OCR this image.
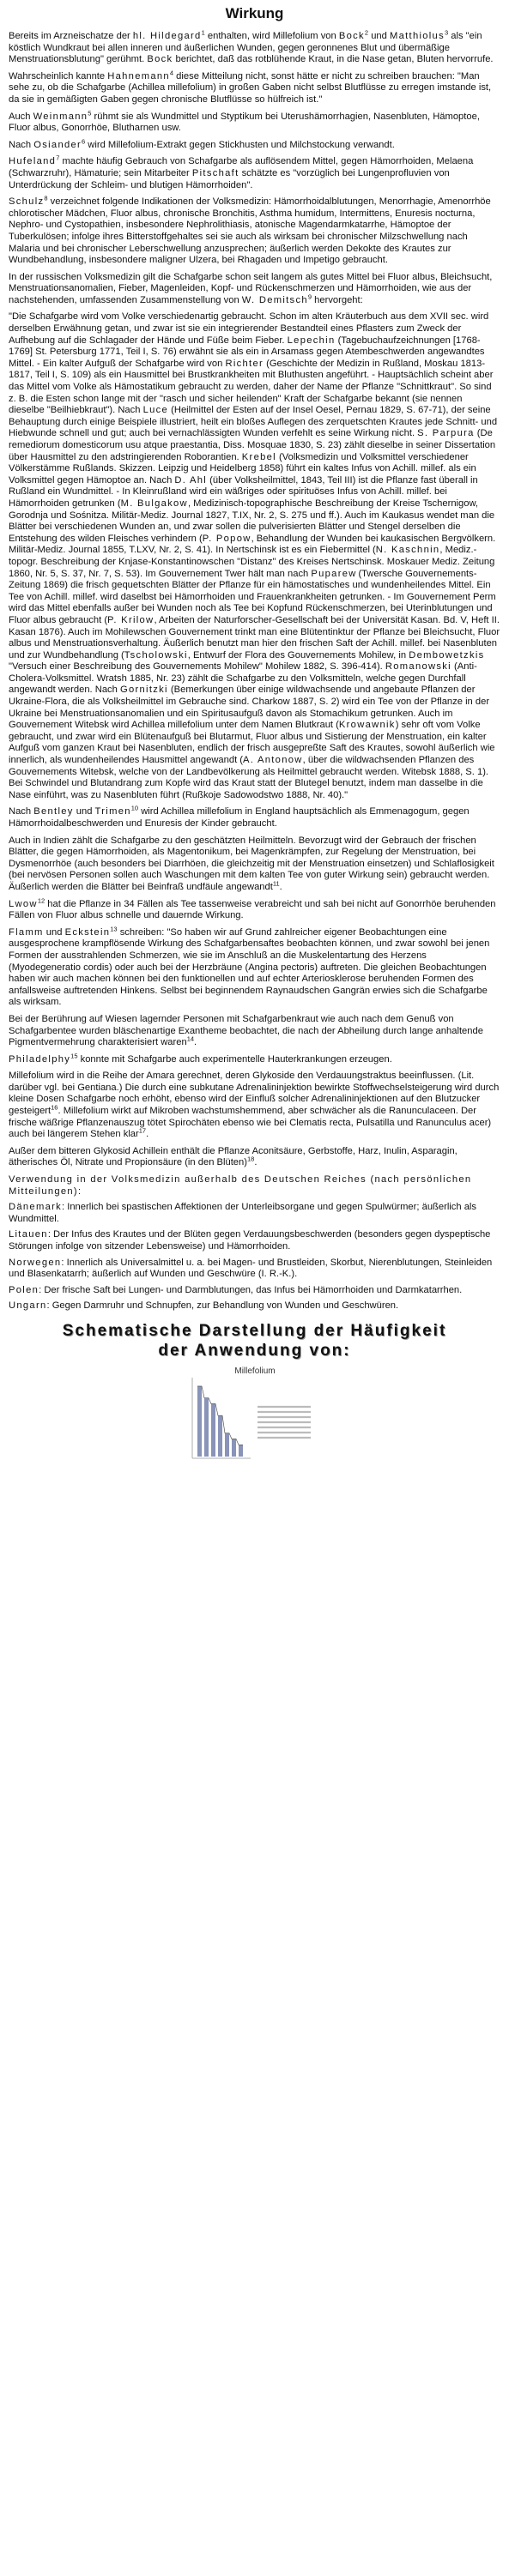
Wirkung

Bereits im Arzneischatze der hl. Hildegard$^1$ enthalten, wird Millefolium von Bock$^2$ und Matthiolus$^3$ als "ein köstlich Wundkraut bei allen inneren und äußerlichen Wunden, gegen geronnenes Blut und übermäßige Menstruationsblutung" gerühmt. Bock berichtet, daß das rotblühende Kraut, in die Nase getan, Bluten hervorrufe.

Wahrscheinlich kannte Hahnemann$^4$ diese Mitteilung nicht, sonst hätte er nicht zu schreiben brauchen: "Man sehe zu, ob die Schafgarbe (Achillea millefolium) in großen Gaben nicht selbst Blutflüsse zu erregen imstande ist, da sie in gemäßigten Gaben gegen chronische Blutflüsse so hülfreich ist."

Auch Weinmann$^5$ rühmt sie als Wundmittel und Styptikum bei Uterushämorrhagien, Nasenbluten, Hämoptoe, Fluor albus, Gonorrhöe, Blutharnen usw.

Nach Osiander$^6$ wird Millefolium-Extrakt gegen Stickhusten und Milchstockung verwandt.

Hufeland$^7$ machte häufig Gebrauch von Schafgarbe als auflösendem Mittel, gegen Hämorrhoiden, Melaena (Schwarzruhr), Hämaturie; sein Mitarbeiter Pitschaft schätzte es "vorzüglich bei Lungenprofluvien von Unterdrückung der Schleim- und blutigen Hämorrhoiden".

Schulz$^8$ verzeichnet folgende Indikationen der Volksmedizin: Hämorrhoidalblutungen, Menorrhagie, Amenorrhöe chlorotischer Mädchen, Fluor albus, chronische Bronchitis, Asthma humidum, Intermittens, Enuresis nocturna, Nephro- und Cystopathien, insbesondere Nephrolithiasis, atonische Magendarmkatarrhe, Hämoptoe der Tuberkulösen; infolge ihres Bitterstoffgehaltes sei sie auch als wirksam bei chronischer Milzschwellung nach Malaria und bei chronischer Leberschwellung anzusprechen; äußerlich werden Dekokte des Krautes zur Wundbehandlung, insbesondere maligner Ulzera, bei Rhagaden und Impetigo gebraucht.

In der russischen Volksmedizin gilt die Schafgarbe schon seit langem als gutes Mittel bei Fluor albus, Bleichsucht, Menstruationsanomalien, Fieber, Magenleiden, Kopf- und Rückenschmerzen und Hämorrhoiden, wie aus der nachstehenden, umfassenden Zusammenstellung von W. Demitsch$^9$ hervorgeht:

"Die Schafgarbe wird vom Volke verschiedenartig gebraucht. Schon im alten Kräuterbuch aus dem XVII sec. wird derselben Erwähnung getan, und zwar ist sie ein integrierender Bestandteil eines Pflasters zum Zweck der Aufhebung auf die Schlagader der Hände und Füße beim Fieber. Lepechin (Tagebuchaufzeichnungen [1768-1769] St. Petersburg 1771, Teil I, S. 76) erwähnt sie als ein in Arsamass gegen Atembeschwerden angewandtes Mittel. - Ein kalter Aufguß der Schafgarbe wird von Richter (Geschichte der Medizin in Rußland, Moskau 1813-1817, Teil I, S. 109) als ein Hausmittel bei Brustkrankheiten mit Bluthusten angeführt. - Hauptsächlich scheint aber das Mittel vom Volke als Hämostatikum gebraucht zu werden, daher der Name der Pflanze "Schnittkraut". So sind z. B. die Esten schon lange mit der "rasch und sicher heilenden" Kraft der Schafgarbe bekannt (sie nennen dieselbe "Beilhiebkraut"). Nach Luce (Heilmittel der Esten auf der Insel Oesel, Pernau 1829, S. 67-71), der seine Behauptung durch einige Beispiele illustriert, heilt ein bloßes Auflegen des zerquetschten Krautes jede Schnitt- und Hiebwunde schnell und gut; auch bei vernachlässigten Wunden verfehlt es seine Wirkung nicht. S. Parpura (De remediorum domesticorum usu atque praestantia, Diss. Mosquae 1830, S. 23) zählt dieselbe in seiner Dissertation über Hausmittel zu den adstringierenden Roborantien. Krebel (Volksmedizin und Volksmittel verschiedener Völkerstämme Rußlands. Skizzen. Leipzig und Heidelberg 1858) führt ein kaltes Infus von Achill. millef. als ein Volksmittel gegen Hämoptoe an. Nach D. Ahl (über Volksheilmittel, 1843, Teil III) ist die Pflanze fast überall in Rußland ein Wundmittel. - In Kleinrußland wird ein wäßriges oder spirituöses Infus von Achill. millef. bei Hämorrhoiden getrunken (M. Bulgakow, Medizinisch-topographische Beschreibung der Kreise Tschernigow, Gorodnja und Sośnitza. Militär-Mediz. Journal 1827, T.IX, Nr. 2, S. 275 und ff.). Auch im Kaukasus wendet man die Blätter bei verschiedenen Wunden an, und zwar sollen die pulverisierten Blätter und Stengel derselben die Entstehung des wilden Fleisches verhindern (P. Popow, Behandlung der Wunden bei kaukasischen Bergvölkern. Militär-Mediz. Journal 1855, T.LXV, Nr. 2, S. 41). In Nertschinsk ist es ein Fiebermittel (N. Kaschnin, Mediz.-topogr. Beschreibung der Knjase-Konstantinowschen "Distanz" des Kreises Nertschinsk. Moskauer Mediz. Zeitung 1860, Nr. 5, S. 37, Nr. 7, S. 53). Im Gouvernement Twer hält man nach Puparew (Twersche Gouvernements-Zeitung 1869) die frisch gequetschten Blätter der Pflanze für ein hämostatisches und wundenheilendes Mittel. Ein Tee von Achill. millef. wird daselbst bei Hämorrhoiden und Frauenkrankheiten getrunken. - Im Gouvernement Perm wird das Mittel ebenfalls außer bei Wunden noch als Tee bei Kopfund Rückenschmerzen, bei Uterinblutungen und Fluor albus gebraucht (P. Krilow, Arbeiten der Naturforscher-Gesellschaft bei der Universität Kasan. Bd. V, Heft II. Kasan 1876). Auch im Mohilewschen Gouvernement trinkt man eine Blütentinktur der Pflanze bei Bleichsucht, Fluor albus und Menstruationsverhaltung. Äußerlich benutzt man hier den frischen Saft der Achill. millef. bei Nasenbluten und zur Wundbehandlung (Tscholowski, Entwurf der Flora des Gouvernements Mohilew, in Dembowetzkis "Versuch einer Beschreibung des Gouvernements Mohilew" Mohilew 1882, S. 396-414). Romanowski (Anti-Cholera-Volksmittel. Wratsh 1885, Nr. 23) zählt die Schafgarbe zu den Volksmitteln, welche gegen Durchfall angewandt werden. Nach Gornitzki (Bemerkungen über einige wildwachsende und angebaute Pflanzen der Ukraine-Flora, die als Volksheilmittel im Gebrauche sind. Charkow 1887, S. 2) wird ein Tee von der Pflanze in der Ukraine bei Menstruationsanomalien und ein Spiritusaufguß davon als Stomachikum getrunken. Auch im Gouvernement Witebsk wird Achillea millefolium unter dem Namen Blutkraut (Krowawnik) sehr oft vom Volke gebraucht, und zwar wird ein Blütenaufguß bei Blutarmut, Fluor albus und Sistierung der Menstruation, ein kalter Aufguß vom ganzen Kraut bei Nasenbluten, endlich der frisch ausgepreßte Saft des Krautes, sowohl äußerlich wie innerlich, als wundenheilendes Hausmittel angewandt (A. Antonow, über die wildwachsenden Pflanzen des Gouvernements Witebsk, welche von der Landbevölkerung als Heilmittel gebraucht werden. Witebsk 1888, S. 1). Bei Schwindel und Blutandrang zum Kopfe wird das Kraut statt der Blutegel benutzt, indem man dasselbe in die Nase einführt, was zu Nasenbluten führt (Rußkoje Sadowodstwo 1888, Nr. 40)."

Nach Bentley und Trimen$^{10}$ wird Achillea millefolium in England hauptsächlich als Emmenagogum, gegen Hämorrhoidalbeschwerden und Enuresis der Kinder gebraucht.

Auch in Indien zählt die Schafgarbe zu den geschätzten Heilmitteln. Bevorzugt wird der Gebrauch der frischen Blätter, die gegen Hämorrhoiden, als Magentonikum, bei Magenkrämpfen, zur Regelung der Menstruation, bei Dysmenorrhöe (auch besonders bei Diarrhöen, die gleichzeitig mit der Menstruation einsetzen) und Schlaflosigkeit (bei nervösen Personen sollen auch Waschungen mit dem kalten Tee von guter Wirkung sein) gebraucht werden. Äußerlich werden die Blätter bei Beinfraß undfäule angewandt$^{11}$.

Lwow$^{12}$ hat die Pflanze in 34 Fällen als Tee tassenweise verabreicht und sah bei nicht auf Gonorrhöe beruhenden Fällen von Fluor albus schnelle und dauernde Wirkung.

Flamm und Eckstein$^{13}$ schreiben: "So haben wir auf Grund zahlreicher eigener Beobachtungen eine ausgesprochene krampflösende Wirkung des Schafgarbensaftes beobachten können, und zwar sowohl bei jenen Formen der ausstrahlenden Schmerzen, wie sie im Anschluß an die Muskelentartung des Herzens (Myodegeneratio cordis) oder auch bei der Herzbräune (Angina pectoris) auftreten. Die gleichen Beobachtungen haben wir auch machen können bei den funktionellen und auf echter Arteriosklerose beruhenden Formen des anfallsweise auftretenden Hinkens. Selbst bei beginnendem Raynaudschen Gangrän erwies sich die Schafgarbe als wirksam.

Bei der Berührung auf Wiesen lagernder Personen mit Schafgarbenkraut wie auch nach dem Genuß von Schafgarbentee wurden bläschenartige Exantheme beobachtet, die nach der Abheilung durch lange anhaltende Pigmentvermehrung charakterisiert waren$^{14}$.

Philadelphy$^{15}$ konnte mit Schafgarbe auch experimentelle Hauterkrankungen erzeugen.

Millefolium wird in die Reihe der Amara gerechnet, deren Glykoside den Verdauungstraktus beeinflussen. (Lit. darüber vgl. bei Gentiana.) Die durch eine subkutane Adrenalininjektion bewirkte Stoffwechselsteigerung wird durch kleine Dosen Schafgarbe noch erhöht, ebenso wird der Einfluß solcher Adrenalininjektionen auf den Blutzucker gesteigert$^{16}$. Millefolium wirkt auf Mikroben wachstumshemmend, aber schwächer als die Ranunculaceen. Der frische wäßrige Pflanzenauszug tötet Spirochäten ebenso wie bei Clematis recta, Pulsatilla und Ranunculus acer) auch bei längerem Stehen klar$^{17}$.

Außer dem bitteren Glykosid Achillein enthält die Pflanze Aconitsäure, Gerbstoffe, Harz, Inulin, Asparagin, ätherisches Öl, Nitrate und Propionsäure (in den Blüten)$^{18}$.

Verwendung in der Volksmedizin außerhalb des Deutschen Reiches (nach persönlichen Mitteilungen):

Dänemark: Innerlich bei spastischen Affektionen der Unterleibsorgane und gegen Spulwürmer; äußerlich als Wundmittel.

Litauen: Der Infus des Krautes und der Blüten gegen Verdauungsbeschwerden (besonders gegen dyspeptische Störungen infolge von sitzender Lebensweise) und Hämorrhoiden.

Norwegen: Innerlich als Universalmittel u. a. bei Magen- und Brustleiden, Skorbut, Nierenblutungen, Steinleiden und Blasenkatarrh; äußerlich auf Wunden und Geschwüre (I. R.-K.).

Polen: Der frische Saft bei Lungen- und Darmblutungen, das Infus bei Hämorrhoiden und Darmkatarrhen.

Ungarn: Gegen Darmruhr und Schnupfen, zur Behandlung von Wunden und Geschwüren.

Schematische Darstellung der Häufigkeit
der Anwendung von:
Millefolium
